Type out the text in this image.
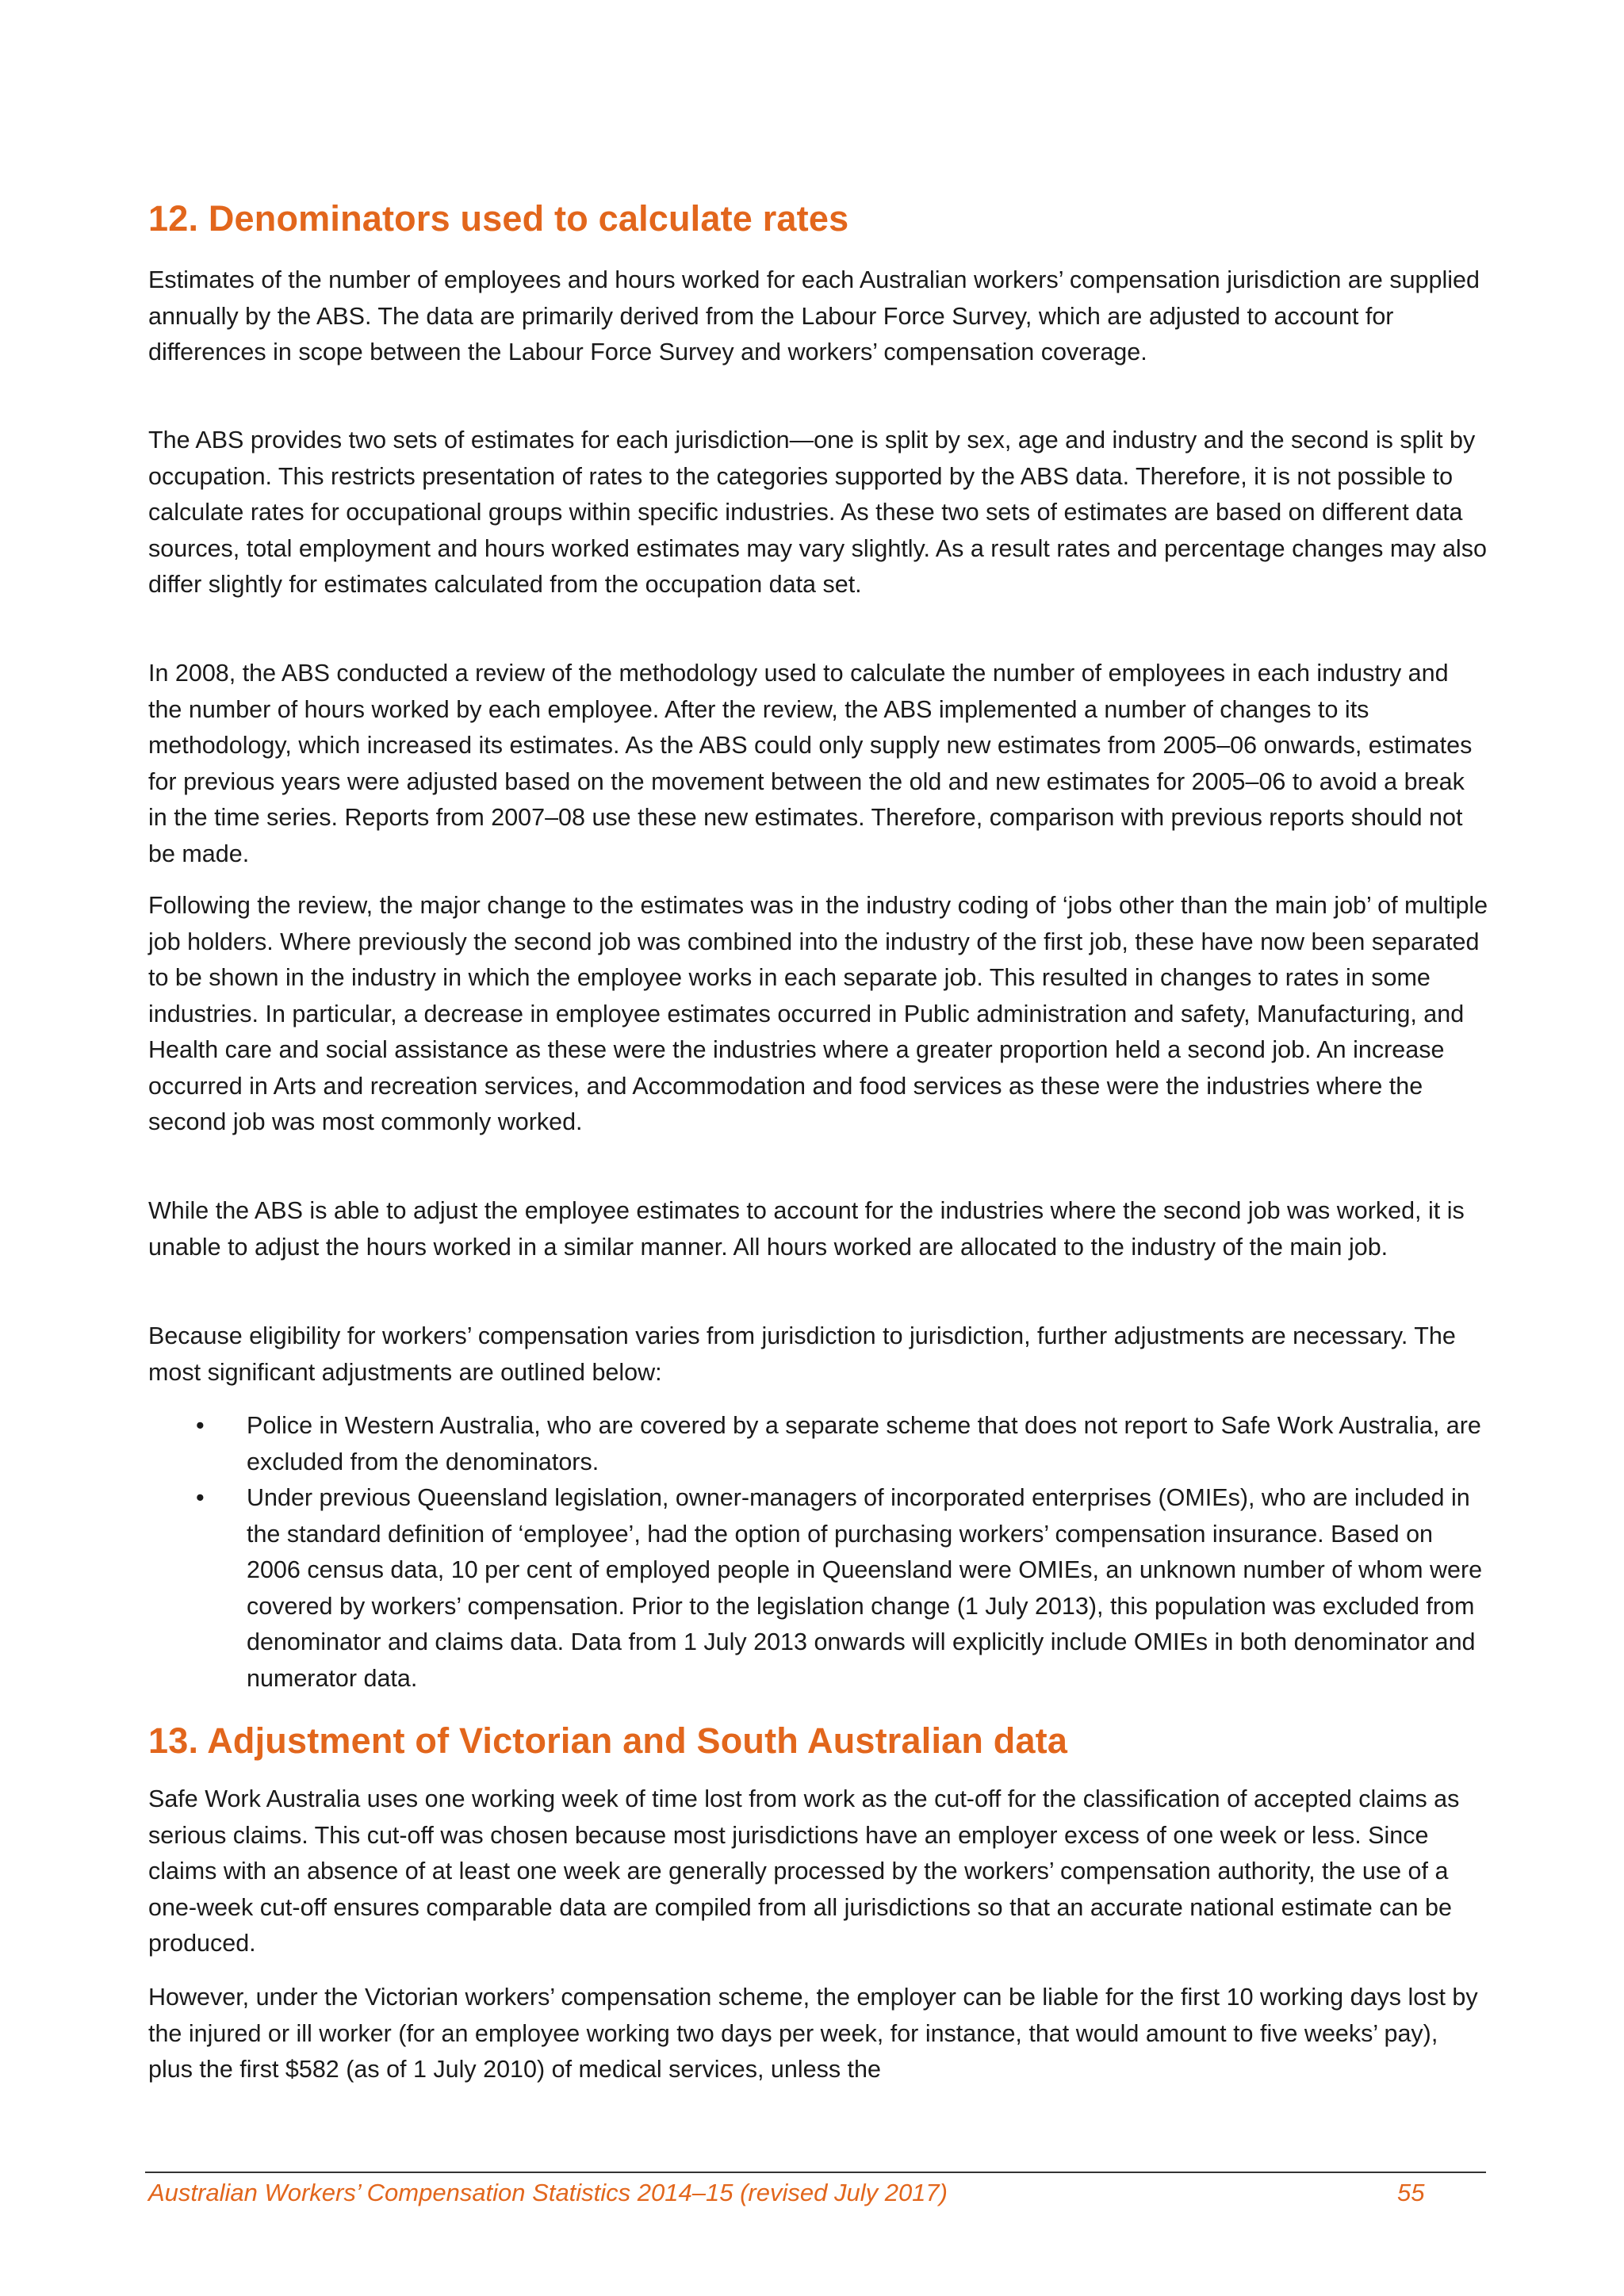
12. Denominators used to calculate rates

Estimates of the number of employees and hours worked for each Australian workers’ compensation jurisdiction are supplied annually by the ABS. The data are primarily derived from the Labour Force Survey, which are adjusted to account for differences in scope between the Labour Force Survey and workers’ compensation coverage.

The ABS provides two sets of estimates for each jurisdiction—one is split by sex, age and industry and the second is split by occupation. This restricts presentation of rates to the categories supported by the ABS data. Therefore, it is not possible to calculate rates for occupational groups within specific industries. As these two sets of estimates are based on different data sources, total employment and hours worked estimates may vary slightly. As a result rates and percentage changes may also differ slightly for estimates calculated from the occupation data set.

In 2008, the ABS conducted a review of the methodology used to calculate the number of employees in each industry and the number of hours worked by each employee. After the review, the ABS implemented a number of changes to its methodology, which increased its estimates. As the ABS could only supply new estimates from 2005–06 onwards, estimates for previous years were adjusted based on the movement between the old and new estimates for 2005–06 to avoid a break in the time series. Reports from 2007–08 use these new estimates. Therefore, comparison with previous reports should not be made.

Following the review, the major change to the estimates was in the industry coding of ‘jobs other than the main job’ of multiple job holders. Where previously the second job was combined into the industry of the first job, these have now been separated to be shown in the industry in which the employee works in each separate job. This resulted in changes to rates in some industries. In particular, a decrease in employee estimates occurred in Public administration and safety, Manufacturing, and Health care and social assistance as these were the industries where a greater proportion held a second job. An increase occurred in Arts and recreation services, and Accommodation and food services as these were the industries where the second job was most commonly worked.

While the ABS is able to adjust the employee estimates to account for the industries where the second job was worked, it is unable to adjust the hours worked in a similar manner. All hours worked are allocated to the industry of the main job.

Because eligibility for workers’ compensation varies from jurisdiction to jurisdiction, further adjustments are necessary. The most significant adjustments are outlined below:

• Police in Western Australia, who are covered by a separate scheme that does not report to Safe Work Australia, are excluded from the denominators.
• Under previous Queensland legislation, owner-managers of incorporated enterprises (OMIEs), who are included in the standard definition of ‘employee’, had the option of purchasing workers’ compensation insurance. Based on 2006 census data, 10 per cent of employed people in Queensland were OMIEs, an unknown number of whom were covered by workers’ compensation. Prior to the legislation change (1 July 2013), this population was excluded from denominator and claims data. Data from 1 July 2013 onwards will explicitly include OMIEs in both denominator and numerator data.
13. Adjustment of Victorian and South Australian data

Safe Work Australia uses one working week of time lost from work as the cut-off for the classification of accepted claims as serious claims. This cut-off was chosen because most jurisdictions have an employer excess of one week or less. Since claims with an absence of at least one week are generally processed by the workers’ compensation authority, the use of a one-week cut-off ensures comparable data are compiled from all jurisdictions so that an accurate national estimate can be produced.

However, under the Victorian workers’ compensation scheme, the employer can be liable for the first 10 working days lost by the injured or ill worker (for an employee working two days per week, for instance, that would amount to five weeks’ pay), plus the first $582 (as of 1 July 2010) of medical services, unless the

Australian Workers’ Compensation Statistics 2014–15 (revised July 2017)	55
